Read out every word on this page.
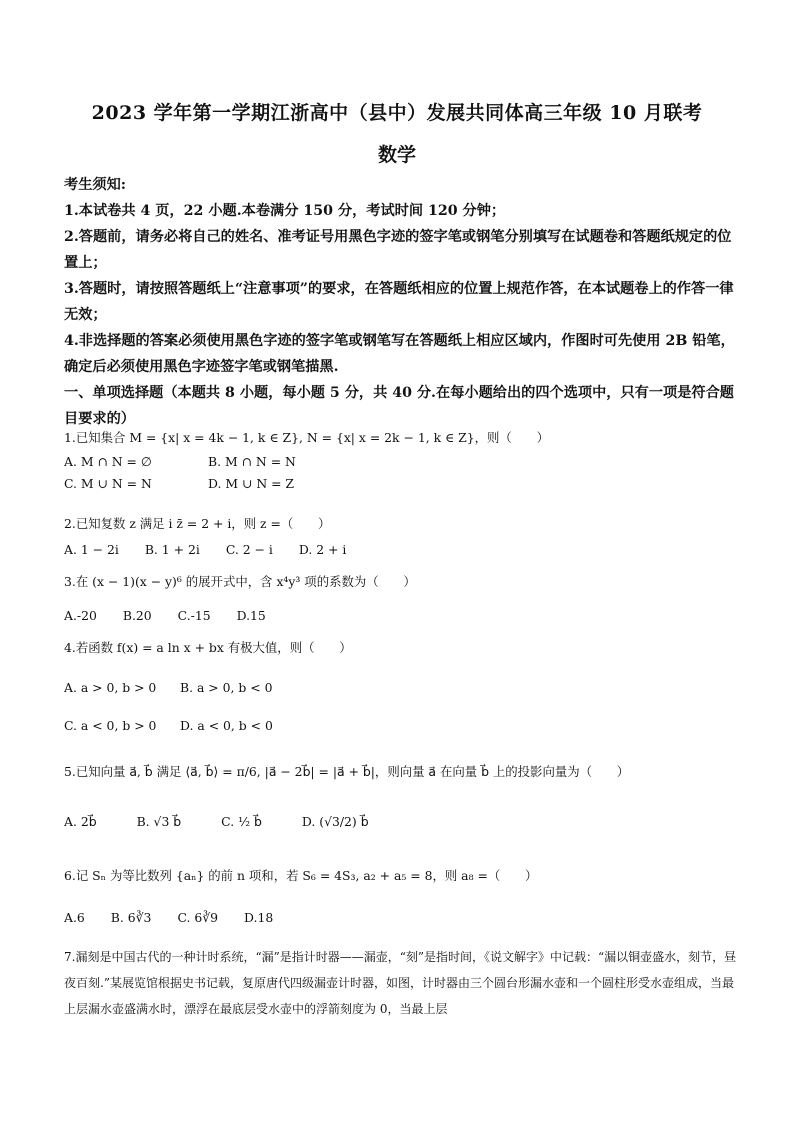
2023 学年第一学期江浙高中（县中）发展共同体高三年级 10 月联考
数学

考生须知:

1.本试卷共 4 页，22 小题.本卷满分 150 分，考试时间 120 分钟；

2.答题前，请务必将自己的姓名、准考证号用黑色字迹的签字笔或钢笔分别填写在试题卷和答题纸规定的位置上；

3.答题时，请按照答题纸上“注意事项”的要求，在答题纸相应的位置上规范作答，在本试题卷上的作答一律无效；

4.非选择题的答案必须使用黑色字迹的签字笔或钢笔写在答题纸上相应区域内，作图时可先使用 2B 铅笔，确定后必须使用黑色字迹签字笔或钢笔描黑.

一、单项选择题（本题共 8 小题，每小题 5 分，共 40 分.在每小题给出的四个选项中，只有一项是符合题目要求的）

1.已知集合 M = {x| x = 4k − 1, k ∈ Z}, N = {x| x = 2k − 1, k ∈ Z}，则（　　）

A. M ∩ N = ∅	B. M ∩ N = N
C. M ∪ N = N	D. M ∪ N = Z

2.已知复数 z 满足 i z̄ = 2 + i，则 z =（　　）

A. 1 − 2i B. 1 + 2i C. 2 − i D. 2 + i

3.在 (x − 1)(x − y)⁶ 的展开式中，含 x⁴y³ 项的系数为（　　）

A.-20 B.20 C.-15 D.15

4.若函数 f(x) = a ln x + bx 有极大值，则（　　）

A. a > 0, b > 0 B. a > 0, b < 0
C. a < 0, b > 0 D. a < 0, b < 0

5.已知向量 a⃗, b⃗ 满足 ⟨a⃗, b⃗⟩ = π/6, |a⃗ − 2b⃗| = |a⃗ + b⃗|，则向量 a⃗ 在向量 b⃗ 上的投影向量为（　　）

A. 2b⃗	B. √3 b⃗	C. ½ b⃗	D. (√3/2) b⃗

6.记 Sₙ 为等比数列 {aₙ} 的前 n 项和，若 S₆ = 4S₃, a₂ + a₅ = 8，则 a₈ =（　　）

A.6 B. 6∛3 C. 6∛9 D.18

7.漏刻是中国古代的一种计时系统，“漏”是指计时器——漏壶，“刻”是指时间，《说文解字》中记载：“漏以铜壶盛水，刻节，昼夜百刻.”某展览馆根据史书记载，复原唐代四级漏壶计时器，如图，计时器由三个圆台形漏水壶和一个圆柱形受水壶组成，当最上层漏水壶盛满水时，漂浮在最底层受水壶中的浮箭刻度为 0，当最上层
